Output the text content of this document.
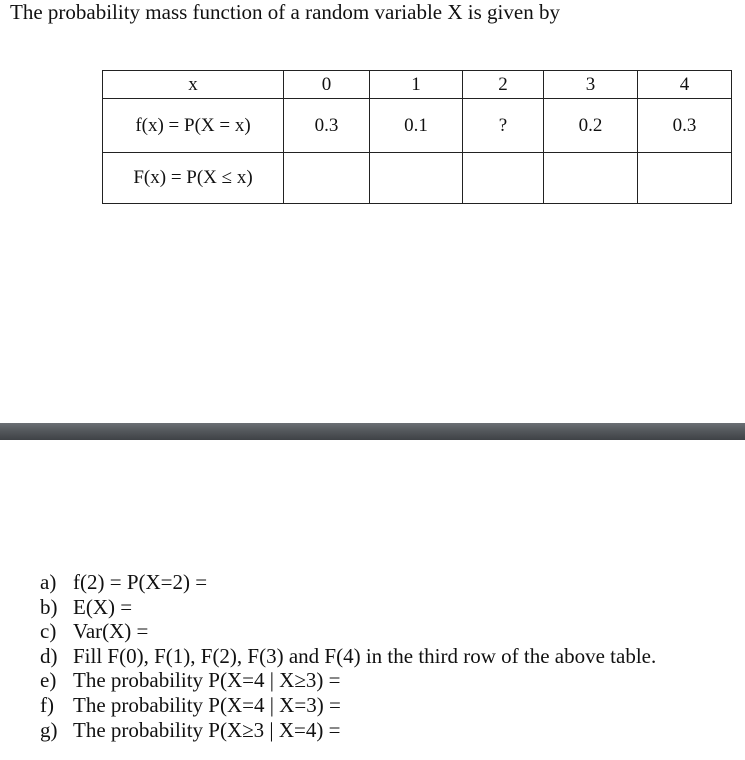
The probability mass function of a random variable X is given by
x	0	1	2	3	4
f(x) = P(X = x)	0.3	0.1	?	0.2	0.3
F(x) = P(X ≤ x)					
a) f(2) = P(X=2) =
b) E(X) =
c) Var(X) =
d) Fill F(0), F(1), F(2), F(3) and F(4) in the third row of the above table.
e) The probability P(X=4 | X≥3) =
f) The probability P(X=4 | X=3) =
g) The probability P(X≥3 | X=4) =
